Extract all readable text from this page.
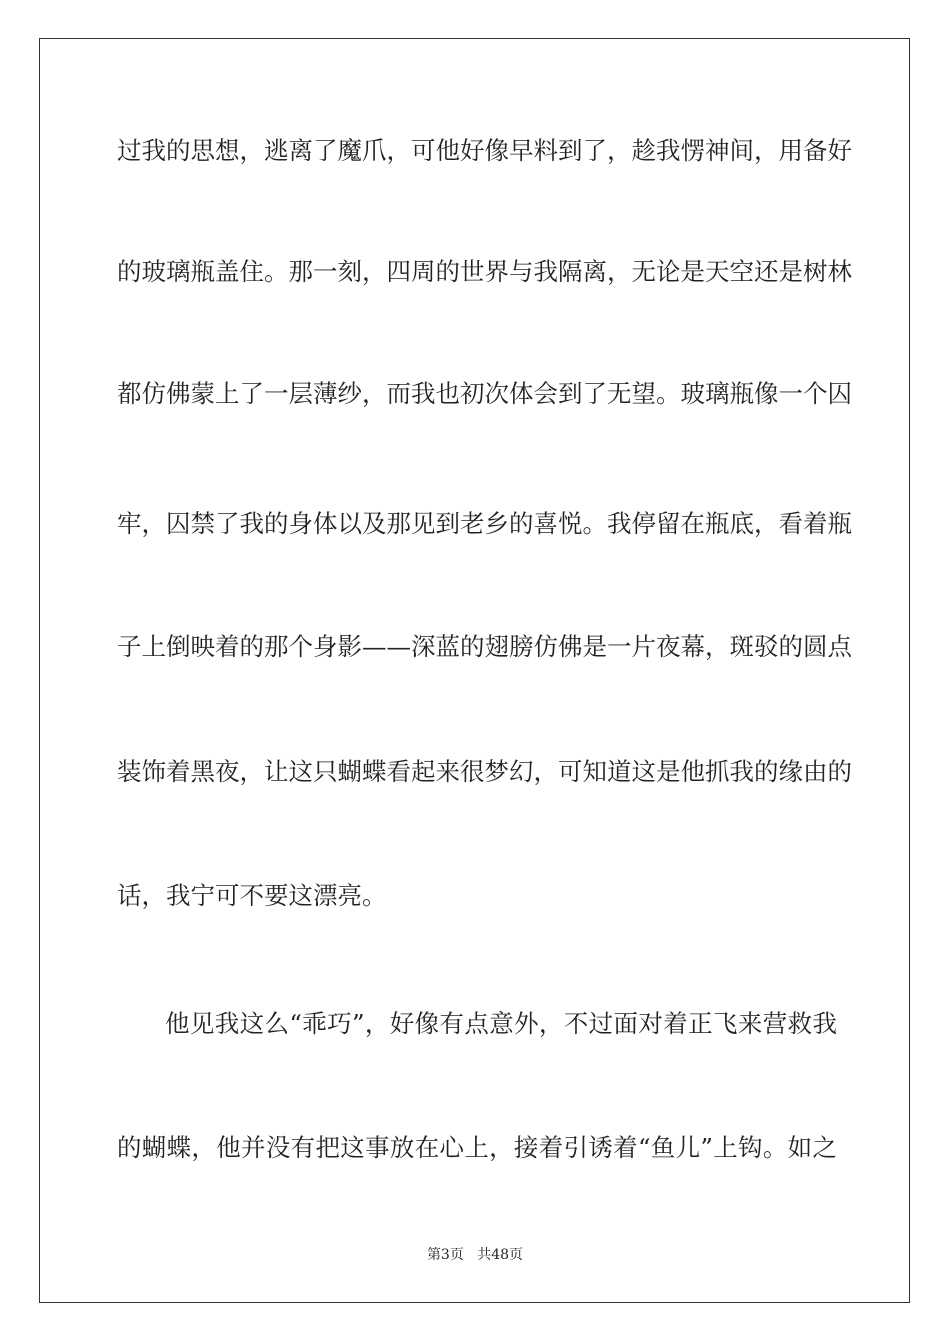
过我的思想，逃离了魔爪，可他好像早料到了，趁我愣神间，用备好
的玻璃瓶盖住。那一刻，四周的世界与我隔离，无论是天空还是树林
都仿佛蒙上了一层薄纱，而我也初次体会到了无望。玻璃瓶像一个囚
牢，囚禁了我的身体以及那见到老乡的喜悦。我停留在瓶底，看着瓶
子上倒映着的那个身影——深蓝的翅膀仿佛是一片夜幕，斑驳的圆点
装饰着黑夜，让这只蝴蝶看起来很梦幻，可知道这是他抓我的缘由的
话，我宁可不要这漂亮。
他见我这么“乖巧”，好像有点意外，不过面对着正飞来营救我
的蝴蝶，他并没有把这事放在心上，接着引诱着“鱼儿”上钩。如之
第3页 共48页
